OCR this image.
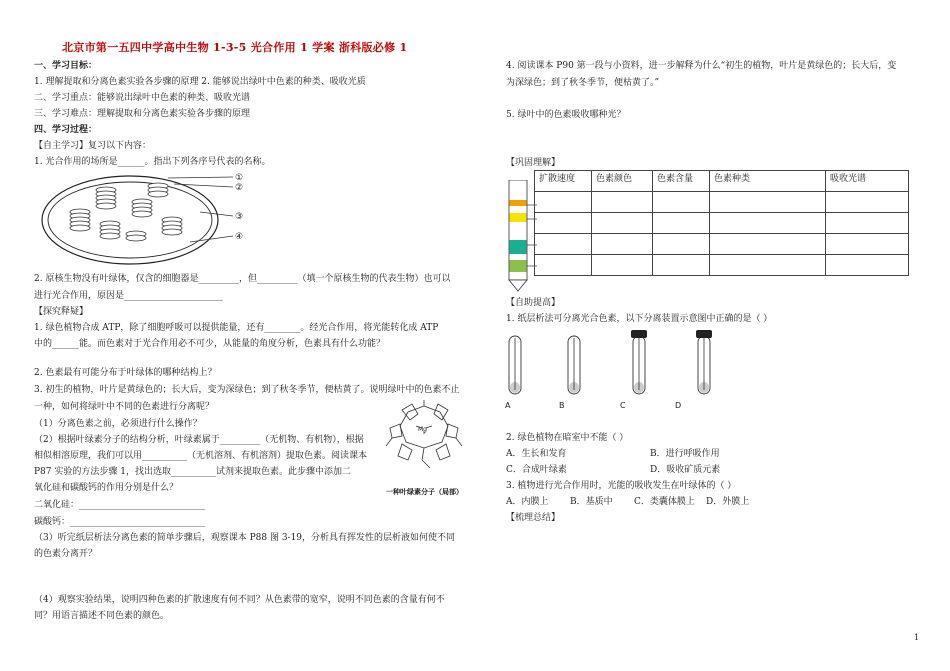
北京市第一五四中学高中生物 1-3-5 光合作用 1 学案 浙科版必修 1
一、学习目标：
1. 理解提取和分离色素实验各步骤的原理 2. 能够说出绿叶中色素的种类、吸收光质
二、学习重点：能够说出绿叶中色素的种类、吸收光谱
三、学习难点：理解提取和分离色素实验各步骤的原理
四、学习过程：
【自主学习】复习以下内容：
1. 光合作用的场所是______。指出下列各序号代表的名称。
①
②
③
④
2. 原核生物没有叶绿体，仅含的细胞器是_________，但_________（填一个原核生物的代表生物）也可以
进行光合作用，原因是______________________
【探究释疑】
1. 绿色植物合成 ATP，除了细胞呼吸可以提供能量，还有________。经光合作用，将光能转化成 ATP
中的______能。而色素对于光合作用必不可少，从能量的角度分析，色素具有什么功能？
2. 色素最有可能分布于叶绿体的哪种结构上？
3. 初生的植物，叶片是黄绿色的；长大后，变为深绿色；到了秋冬季节，便枯黄了。说明绿叶中的色素不止
一种，如何将绿叶中不同的色素进行分离呢？
（1）分离色素之前，必须进行什么操作？
（2）根据叶绿素分子的结构分析，叶绿素属于_________（无机物、有机物），根据
相似相溶原理，我们可以用__________（无机溶剂、有机溶剂）提取色素。阅读课本
P87 实验的方法步骤 1，找出选取__________试剂来提取色素。此步骤中添加二
氧化硅和碳酸钙的作用分别是什么？
二氧化硅：____________________________
碳酸钙：______________________________
（3）听完纸层析法分离色素的简单步骤后，观察课本 P88 图 3-19，分析具有挥发性的层析液如何使不同
的色素分离开？
（4）观察实验结果，说明四种色素的扩散速度有何不同？从色素带的宽窄，说明不同色素的含量有何不
同？用语言描述不同色素的颜色。
Mg
一种叶绿素分子（局部）
4. 阅读课本 P90 第一段与小资料，进一步解释为什么“初生的植物，叶片是黄绿色的；长大后，变
为深绿色；到了秋冬季节，便枯黄了。”
5. 绿叶中的色素吸收哪种光？
【巩固理解】
【自助提高】
1. 纸层析法可分离光合色素，以下分离装置示意图中正确的是（ ）
2. 绿色植物在暗室中不能（ ）
3. 植物进行光合作用时，光能的吸收发生在叶绿体的（ ）
【梳理总结】
扩散速度	色素颜色	色素含量	色素种类	吸收光谱

A	B	C	D
A．生长和发育	B．进行呼吸作用
C．合成叶绿素	D．吸收矿质元素
A．内膜上 B．基质中 C．类囊体膜上 D．外膜上
1
